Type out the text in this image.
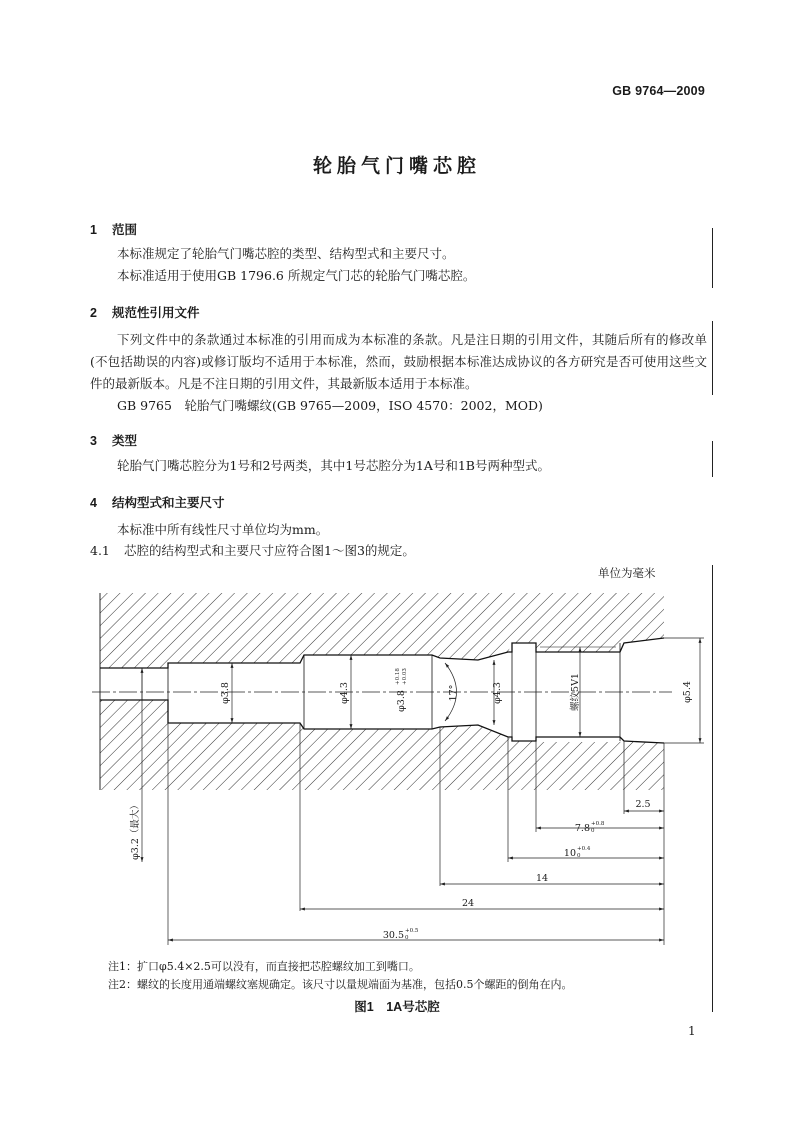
GB 9764—2009
轮胎气门嘴芯腔
1 范围
本标准规定了轮胎气门嘴芯腔的类型、结构型式和主要尺寸。
本标准适用于使用GB 1796.6 所规定气门芯的轮胎气门嘴芯腔。
2 规范性引用文件
下列文件中的条款通过本标准的引用而成为本标准的条款。凡是注日期的引用文件，其随后所有的修改单(不包括勘误的内容)或修订版均不适用于本标准，然而，鼓励根据本标准达成协议的各方研究是否可使用这些文件的最新版本。凡是不注日期的引用文件，其最新版本适用于本标准。
GB 9765　轮胎气门嘴螺纹(GB 9765—2009，ISO 4570：2002，MOD)
3 类型
轮胎气门嘴芯腔分为1号和2号两类，其中1号芯腔分为1A号和1B号两种型式。
4 结构型式和主要尺寸
本标准中所有线性尺寸单位均为mm。
4.1 芯腔的结构型式和主要尺寸应符合图1～图3的规定。
单位为毫米
φ3.2（最大）
φ3.8	φ4.3	φ3.8
+0.18 +0.03
17°	φ4.3	螺纹5V1	φ5.4
2.5
7.8 +0.8
0
10 +0.4
0
14
24
30.5 +0.5
0
注1：扩口φ5.4×2.5可以没有，而直接把芯腔螺纹加工到嘴口。
注2：螺纹的长度用通端螺纹塞规确定。该尺寸以量规端面为基准，包括0.5个螺距的倒角在内。
图1　1A号芯腔
1
